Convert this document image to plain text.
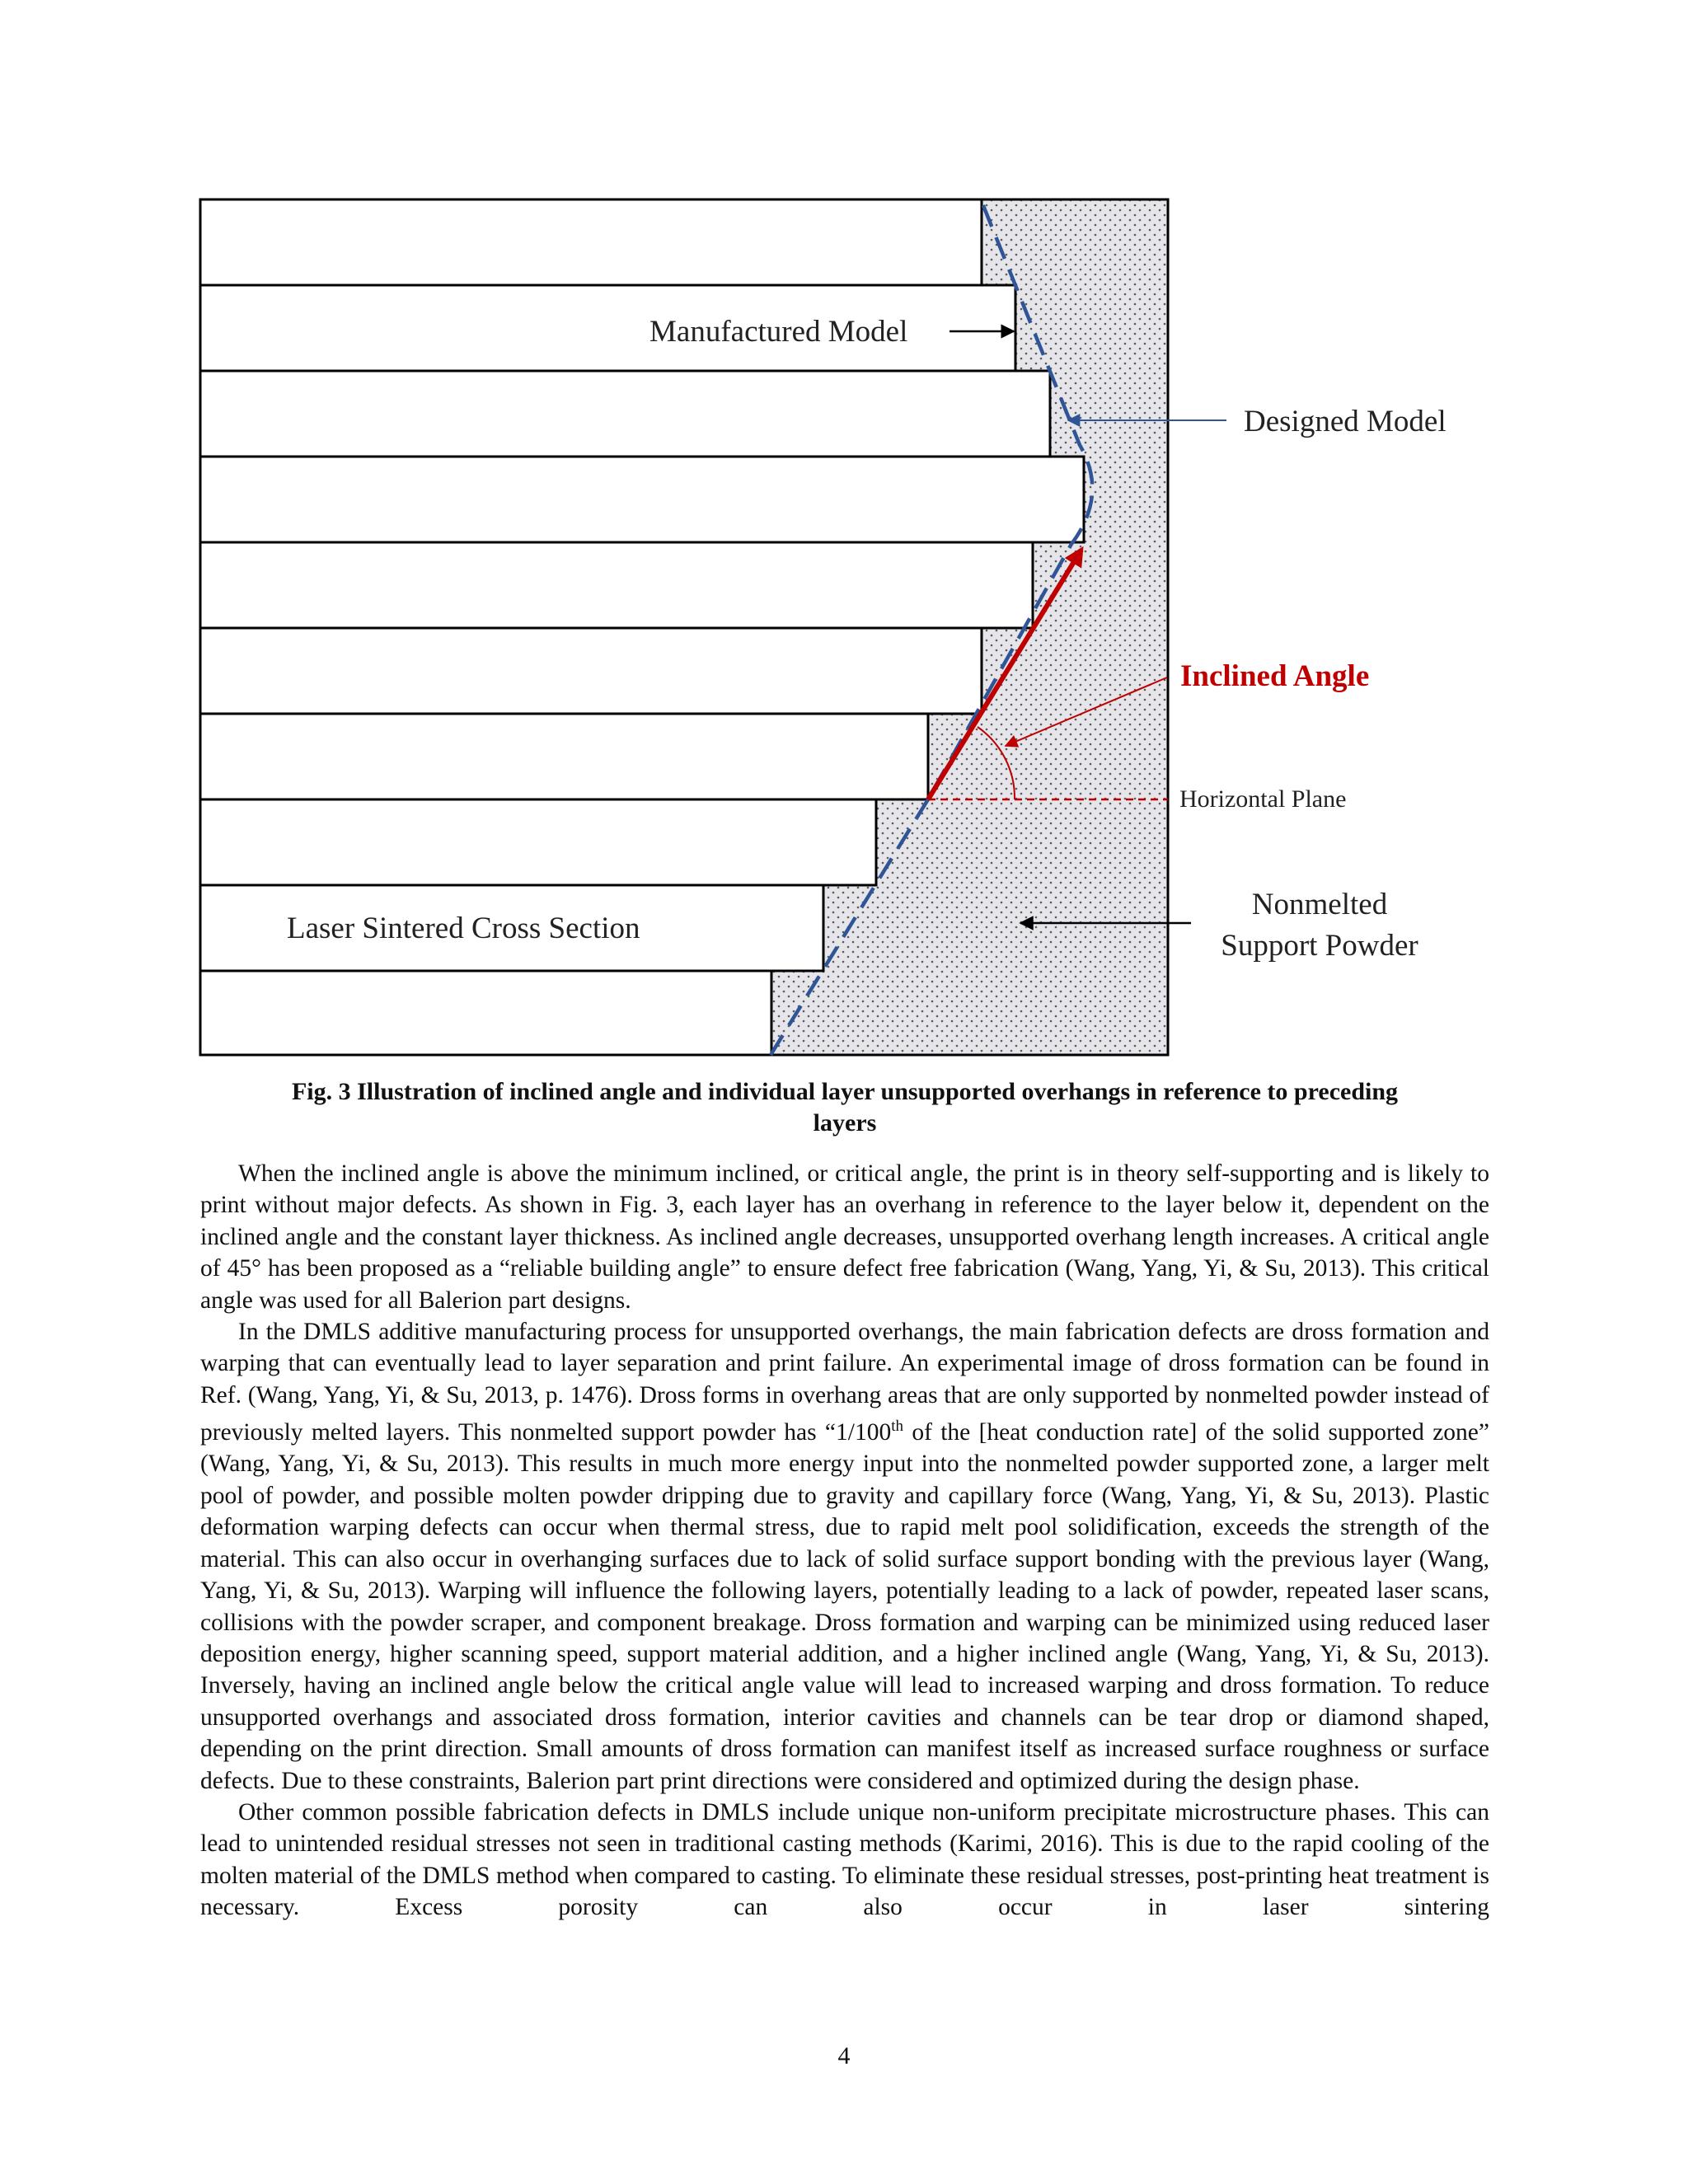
Manufactured Model
Designed Model
Inclined Angle
Horizontal Plane
Nonmelted
Support Powder
Laser Sintered Cross Section
Fig. 3 Illustration of inclined angle and individual layer unsupported overhangs in reference to preceding
layers

When the inclined angle is above the minimum inclined, or critical angle, the print is in theory self-supporting and is likely to print without major defects. As shown in Fig. 3, each layer has an overhang in reference to the layer below it, dependent on the inclined angle and the constant layer thickness. As inclined angle decreases, unsupported overhang length increases. A critical angle of 45° has been proposed as a “reliable building angle” to ensure defect free fabrication (Wang, Yang, Yi, & Su, 2013). This critical angle was used for all Balerion part designs.

In the DMLS additive manufacturing process for unsupported overhangs, the main fabrication defects are dross formation and warping that can eventually lead to layer separation and print failure. An experimental image of dross formation can be found in Ref. (Wang, Yang, Yi, & Su, 2013, p. 1476). Dross forms in overhang areas that are only supported by nonmelted powder instead of previously melted layers. This nonmelted support powder has “1/100th of the [heat conduction rate] of the solid supported zone” (Wang, Yang, Yi, & Su, 2013). This results in much more energy input into the nonmelted powder supported zone, a larger melt pool of powder, and possible molten powder dripping due to gravity and capillary force (Wang, Yang, Yi, & Su, 2013). Plastic deformation warping defects can occur when thermal stress, due to rapid melt pool solidification, exceeds the strength of the material. This can also occur in overhanging surfaces due to lack of solid surface support bonding with the previous layer (Wang, Yang, Yi, & Su, 2013). Warping will influence the following layers, potentially leading to a lack of powder, repeated laser scans, collisions with the powder scraper, and component breakage. Dross formation and warping can be minimized using reduced laser deposition energy, higher scanning speed, support material addition, and a higher inclined angle (Wang, Yang, Yi, & Su, 2013). Inversely, having an inclined angle below the critical angle value will lead to increased warping and dross formation. To reduce unsupported overhangs and associated dross formation, interior cavities and channels can be tear drop or diamond shaped, depending on the print direction. Small amounts of dross formation can manifest itself as increased surface roughness or surface defects. Due to these constraints, Balerion part print directions were considered and optimized during the design phase.

Other common possible fabrication defects in DMLS include unique non-uniform precipitate microstructure phases. This can lead to unintended residual stresses not seen in traditional casting methods (Karimi, 2016). This is due to the rapid cooling of the molten material of the DMLS method when compared to casting. To eliminate these residual stresses, post-printing heat treatment is necessary. Excess porosity can also occur in laser sintering

4
